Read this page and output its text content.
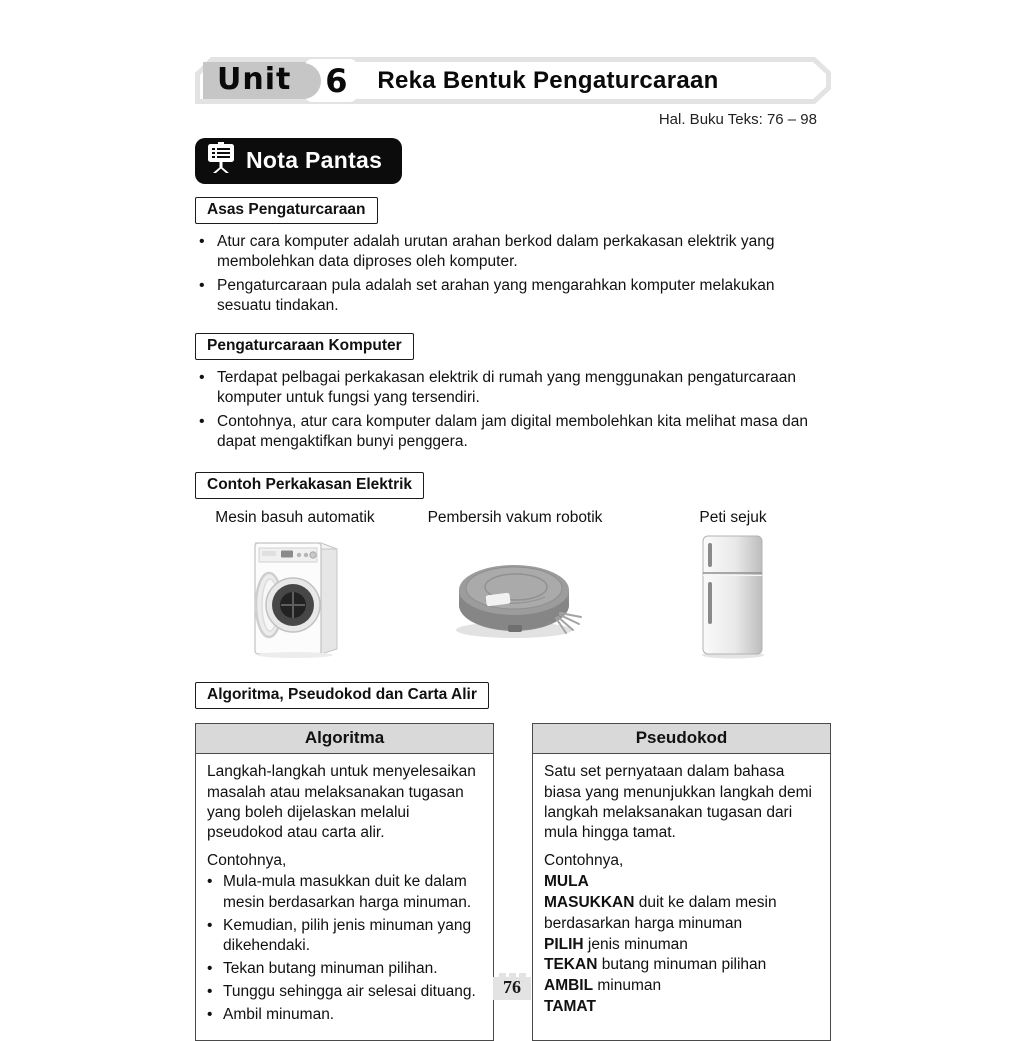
Unit	6 Reka Bentuk Pengaturcaraan
Hal. Buku Teks: 76 – 98
Nota Pantas
Asas Pengaturcaraan
•
Atur cara komputer adalah urutan arahan berkod dalam perkakasan elektrik yang membolehkan data diproses oleh komputer.
•
Pengaturcaraan pula adalah set arahan yang mengarahkan komputer melakukan sesuatu tindakan.
Pengaturcaraan Komputer
•
Terdapat pelbagai perkakasan elektrik di rumah yang menggunakan pengaturcaraan komputer untuk fungsi yang tersendiri.
•
Contohnya, atur cara komputer dalam jam digital membolehkan kita melihat masa dan dapat mengaktifkan bunyi penggera.
Contoh Perkakasan Elektrik
Mesin basuh automatik	Pembersih vakum robotik	Peti sejuk
Algoritma, Pseudokod dan Carta Alir
Algoritma

Langkah-langkah untuk menyelesaikan masalah atau melaksanakan tugasan yang boleh dijelaskan melalui pseudokod atau carta alir.

Contohnya,

•
Mula-mula masukkan duit ke dalam mesin berdasarkan harga minuman.
•
Kemudian, pilih jenis minuman yang dikehendaki.
•
Tekan butang minuman pilihan.
•
Tunggu sehingga air selesai dituang.
•
Ambil minuman.
Pseudokod

Satu set pernyataan dalam bahasa biasa yang menunjukkan langkah demi langkah melaksanakan tugasan dari mula hingga tamat.

Contohnya,

MULA
MASUKKAN duit ke dalam mesin berdasarkan harga minuman
PILIH jenis minuman
TEKAN butang minuman pilihan
AMBIL minuman
TAMAT
76
